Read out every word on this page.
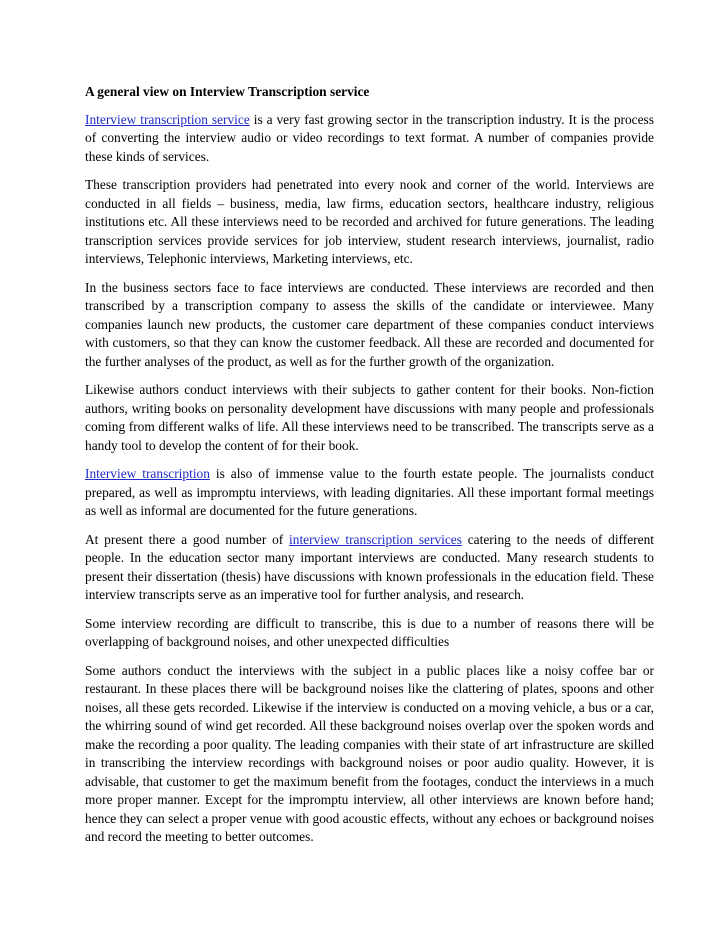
A general view on Interview Transcription service

Interview transcription service is a very fast growing sector in the transcription industry. It is the process of converting the interview audio or video recordings to text format. A number of companies provide these kinds of services.

These transcription providers had penetrated into every nook and corner of the world. Interviews are conducted in all fields – business, media, law firms, education sectors, healthcare industry, religious institutions etc. All these interviews need to be recorded and archived for future generations. The leading transcription services provide services for job interview, student research interviews, journalist, radio interviews, Telephonic interviews, Marketing interviews, etc.

In the business sectors face to face interviews are conducted. These interviews are recorded and then transcribed by a transcription company to assess the skills of the candidate or interviewee. Many companies launch new products, the customer care department of these companies conduct interviews with customers, so that they can know the customer feedback. All these are recorded and documented for the further analyses of the product, as well as for the further growth of the organization.

Likewise authors conduct interviews with their subjects to gather content for their books. Non-fiction authors, writing books on personality development have discussions with many people and professionals coming from different walks of life. All these interviews need to be transcribed. The transcripts serve as a handy tool to develop the content of for their book.

Interview transcription is also of immense value to the fourth estate people. The journalists conduct prepared, as well as impromptu interviews, with leading dignitaries. All these important formal meetings as well as informal are documented for the future generations.

At present there a good number of interview transcription services catering to the needs of different people. In the education sector many important interviews are conducted. Many research students to present their dissertation (thesis) have discussions with known professionals in the education field. These interview transcripts serve as an imperative tool for further analysis, and research.

Some interview recording are difficult to transcribe, this is due to a number of reasons there will be overlapping of background noises, and other unexpected difficulties

Some authors conduct the interviews with the subject in a public places like a noisy coffee bar or restaurant. In these places there will be background noises like the clattering of plates, spoons and other noises, all these gets recorded. Likewise if the interview is conducted on a moving vehicle, a bus or a car, the whirring sound of wind get recorded. All these background noises overlap over the spoken words and make the recording a poor quality. The leading companies with their state of art infrastructure are skilled in transcribing the interview recordings with background noises or poor audio quality. However, it is advisable, that customer to get the maximum benefit from the footages, conduct the interviews in a much more proper manner. Except for the impromptu interview, all other interviews are known before hand; hence they can select a proper venue with good acoustic effects, without any echoes or background noises and record the meeting to better outcomes.
